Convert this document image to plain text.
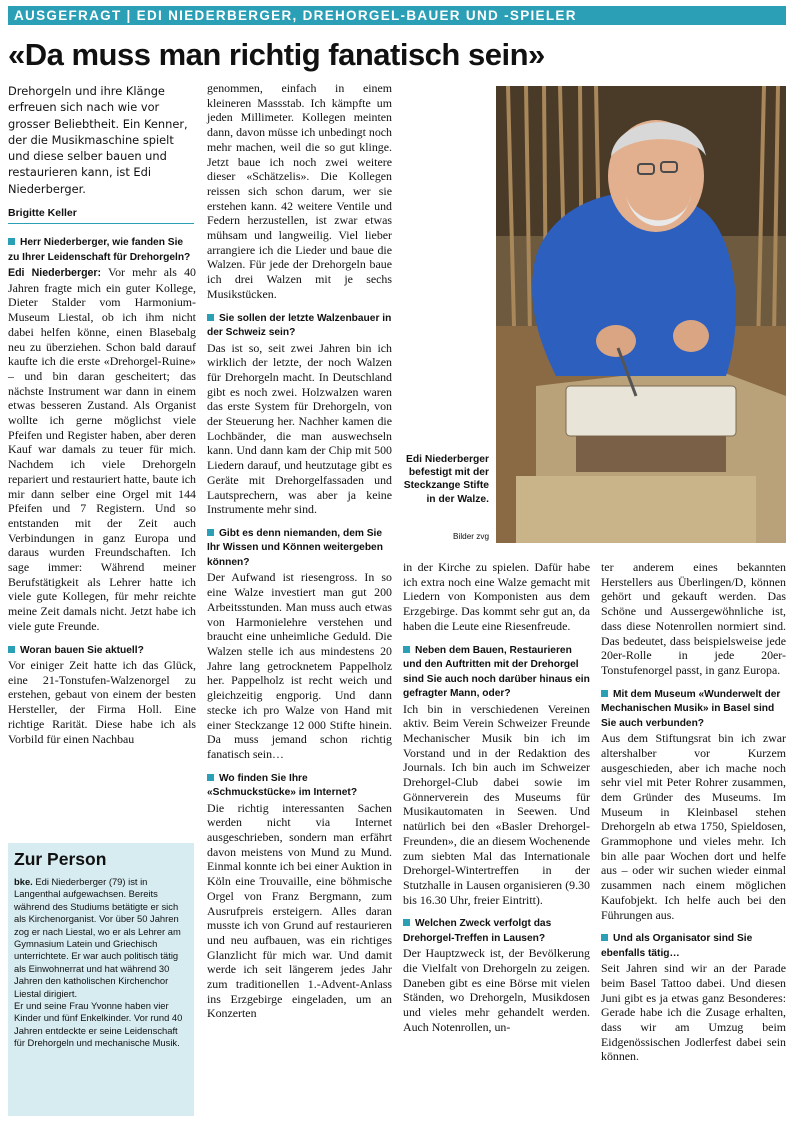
AUSGEFRAGT | EDI NIEDERBERGER, DREHORGEL-BAUER UND -SPIELER
«Da muss man richtig fanatisch sein»

Drehorgeln und ihre Klänge erfreuen sich nach wie vor grosser Beliebtheit. Ein Kenner, der die Musikmaschine spielt und diese selber bauen und restaurieren kann, ist Edi Niederberger.

Brigitte Keller

Herr Niederberger, wie fanden Sie zu Ihrer Leidenschaft für Drehorgeln?

Edi Niederberger: Vor mehr als 40 Jahren fragte mich ein guter Kollege, Dieter Stalder vom Harmonium-Museum Liestal, ob ich ihm nicht dabei helfen könne, einen Blasebalg neu zu überziehen. Schon bald darauf kaufte ich die erste «Drehorgel-Ruine» – und bin daran gescheitert; das nächste Instrument war dann in einem etwas besseren Zustand. Als Organist wollte ich gerne möglichst viele Pfeifen und Register haben, aber deren Kauf war damals zu teuer für mich. Nachdem ich viele Drehorgeln repariert und restauriert hatte, baute ich mir dann selber eine Orgel mit 144 Pfeifen und 7 Registern. Und so entstanden mit der Zeit auch Verbindungen in ganz Europa und daraus wurden Freundschaften. Ich sage immer: Während meiner Berufstätigkeit als Lehrer hatte ich viele gute Kollegen, für mehr reichte meine Zeit damals nicht. Jetzt habe ich viele gute Freunde.

Woran bauen Sie aktuell?

Vor einiger Zeit hatte ich das Glück, eine 21-Tonstufen-Walzenorgel zu erstehen, gebaut von einem der besten Hersteller, der Firma Holl. Eine richtige Rarität. Diese habe ich als Vorbild für einen Nachbau

genommen, einfach in einem kleineren Massstab. Ich kämpfte um jeden Millimeter. Kollegen meinten dann, davon müsse ich unbedingt noch mehr machen, weil die so gut klinge. Jetzt baue ich noch zwei weitere dieser «Schätzelis». Die Kollegen reissen sich schon darum, wer sie erstehen kann. 42 weitere Ventile und Federn herzustellen, ist zwar etwas mühsam und langweilig. Viel lieber arrangiere ich die Lieder und baue die Walzen. Für jede der Drehorgeln baue ich drei Walzen mit je sechs Musikstücken.

Sie sollen der letzte Walzenbauer in der Schweiz sein?

Das ist so, seit zwei Jahren bin ich wirklich der letzte, der noch Walzen für Drehorgeln macht. In Deutschland gibt es noch zwei. Holzwalzen waren das erste System für Drehorgeln, von der Steuerung her. Nachher kamen die Lochbänder, die man auswechseln kann. Und dann kam der Chip mit 500 Liedern darauf, und heutzutage gibt es Geräte mit Drehorgelfassaden und Lautsprechern, was aber ja keine Instrumente mehr sind.

Gibt es denn niemanden, dem Sie Ihr Wissen und Können weitergeben können?

Der Aufwand ist riesengross. In so eine Walze investiert man gut 200 Arbeitsstunden. Man muss auch etwas von Harmonielehre verstehen und braucht eine unheimliche Geduld. Die Walzen stelle ich aus mindestens 20 Jahre lang getrocknetem Pappelholz her. Pappelholz ist recht weich und gleichzeitig engporig. Und dann stecke ich pro Walze von Hand mit einer Steckzange 12 000 Stifte hinein. Da muss jemand schon richtig fanatisch sein…

Wo finden Sie Ihre «Schmuckstücke» im Internet?

Die richtig interessanten Sachen werden nicht via Internet ausgeschrieben, sondern man erfährt davon meistens von Mund zu Mund. Einmal konnte ich bei einer Auktion in Köln eine Trouvaille, eine böhmische Orgel von Franz Bergmann, zum Ausrufpreis ersteigern. Alles daran musste ich von Grund auf restaurieren und neu aufbauen, was ein richtiges Glanzlicht für mich war. Und damit werde ich seit längerem jedes Jahr zum traditionellen 1.-Advent-Anlass ins Erzgebirge eingeladen, um an Konzerten

Edi Niederberger befestigt mit der Steckzange Stifte in der Walze.

Bilder zvg

in der Kirche zu spielen. Dafür habe ich extra noch eine Walze gemacht mit Liedern von Komponisten aus dem Erzgebirge. Das kommt sehr gut an, da haben die Leute eine Riesenfreude.

Neben dem Bauen, Restaurieren und den Auftritten mit der Drehorgel sind Sie auch noch darüber hinaus ein gefragter Mann, oder?

Ich bin in verschiedenen Vereinen aktiv. Beim Verein Schweizer Freunde Mechanischer Musik bin ich im Vorstand und in der Redaktion des Journals. Ich bin auch im Schweizer Drehorgel-Club dabei sowie im Gönnerverein des Museums für Musikautomaten in Seewen. Und natürlich bei den «Basler Drehorgel-Freunden», die an diesem Wochenende zum siebten Mal das Internationale Drehorgel-Wintertreffen in der Stutzhalle in Lausen organisieren (9.30 bis 16.30 Uhr, freier Eintritt).

Welchen Zweck verfolgt das Drehorgel-Treffen in Lausen?

Der Hauptzweck ist, der Bevölkerung die Vielfalt von Drehorgeln zu zeigen. Daneben gibt es eine Börse mit vielen Ständen, wo Drehorgeln, Musikdosen und vieles mehr gehandelt werden. Auch Notenrollen, un-

ter anderem eines bekannten Herstellers aus Überlingen/D, können gehört und gekauft werden. Das Schöne und Aussergewöhnliche ist, dass diese Notenrollen normiert sind. Das bedeutet, dass beispielsweise jede 20er-Rolle in jede 20er-Tonstufenorgel passt, in ganz Europa.

Mit dem Museum «Wunderwelt der Mechanischen Musik» in Basel sind Sie auch verbunden?

Aus dem Stiftungsrat bin ich zwar altershalber vor Kurzem ausgeschieden, aber ich mache noch sehr viel mit Peter Rohrer zusammen, dem Gründer des Museums. Im Museum in Kleinbasel stehen Drehorgeln ab etwa 1750, Spieldosen, Grammophone und vieles mehr. Ich bin alle paar Wochen dort und helfe aus – oder wir suchen wieder einmal zusammen nach einem möglichen Kaufobjekt. Ich helfe auch bei den Führungen aus.

Und als Organisator sind Sie ebenfalls tätig…

Seit Jahren sind wir an der Parade beim Basel Tattoo dabei. Und diesen Juni gibt es ja etwas ganz Besonderes: Gerade habe ich die Zusage erhalten, dass wir am Umzug beim Eidgenössischen Jodlerfest dabei sein können.

Zur Person

bke. Edi Niederberger (79) ist in Langenthal aufgewachsen. Bereits während des Studiums betätigte er sich als Kirchenorganist. Vor über 50 Jahren zog er nach Liestal, wo er als Lehrer am Gymnasium Latein und Griechisch unterrichtete. Er war auch politisch tätig als Einwohnerrat und hat während 30 Jahren den katholischen Kirchenchor Liestal dirigiert.

Er und seine Frau Yvonne haben vier Kinder und fünf Enkelkinder. Vor rund 40 Jahren entdeckte er seine Leidenschaft für Drehorgeln und mechanische Musik.
